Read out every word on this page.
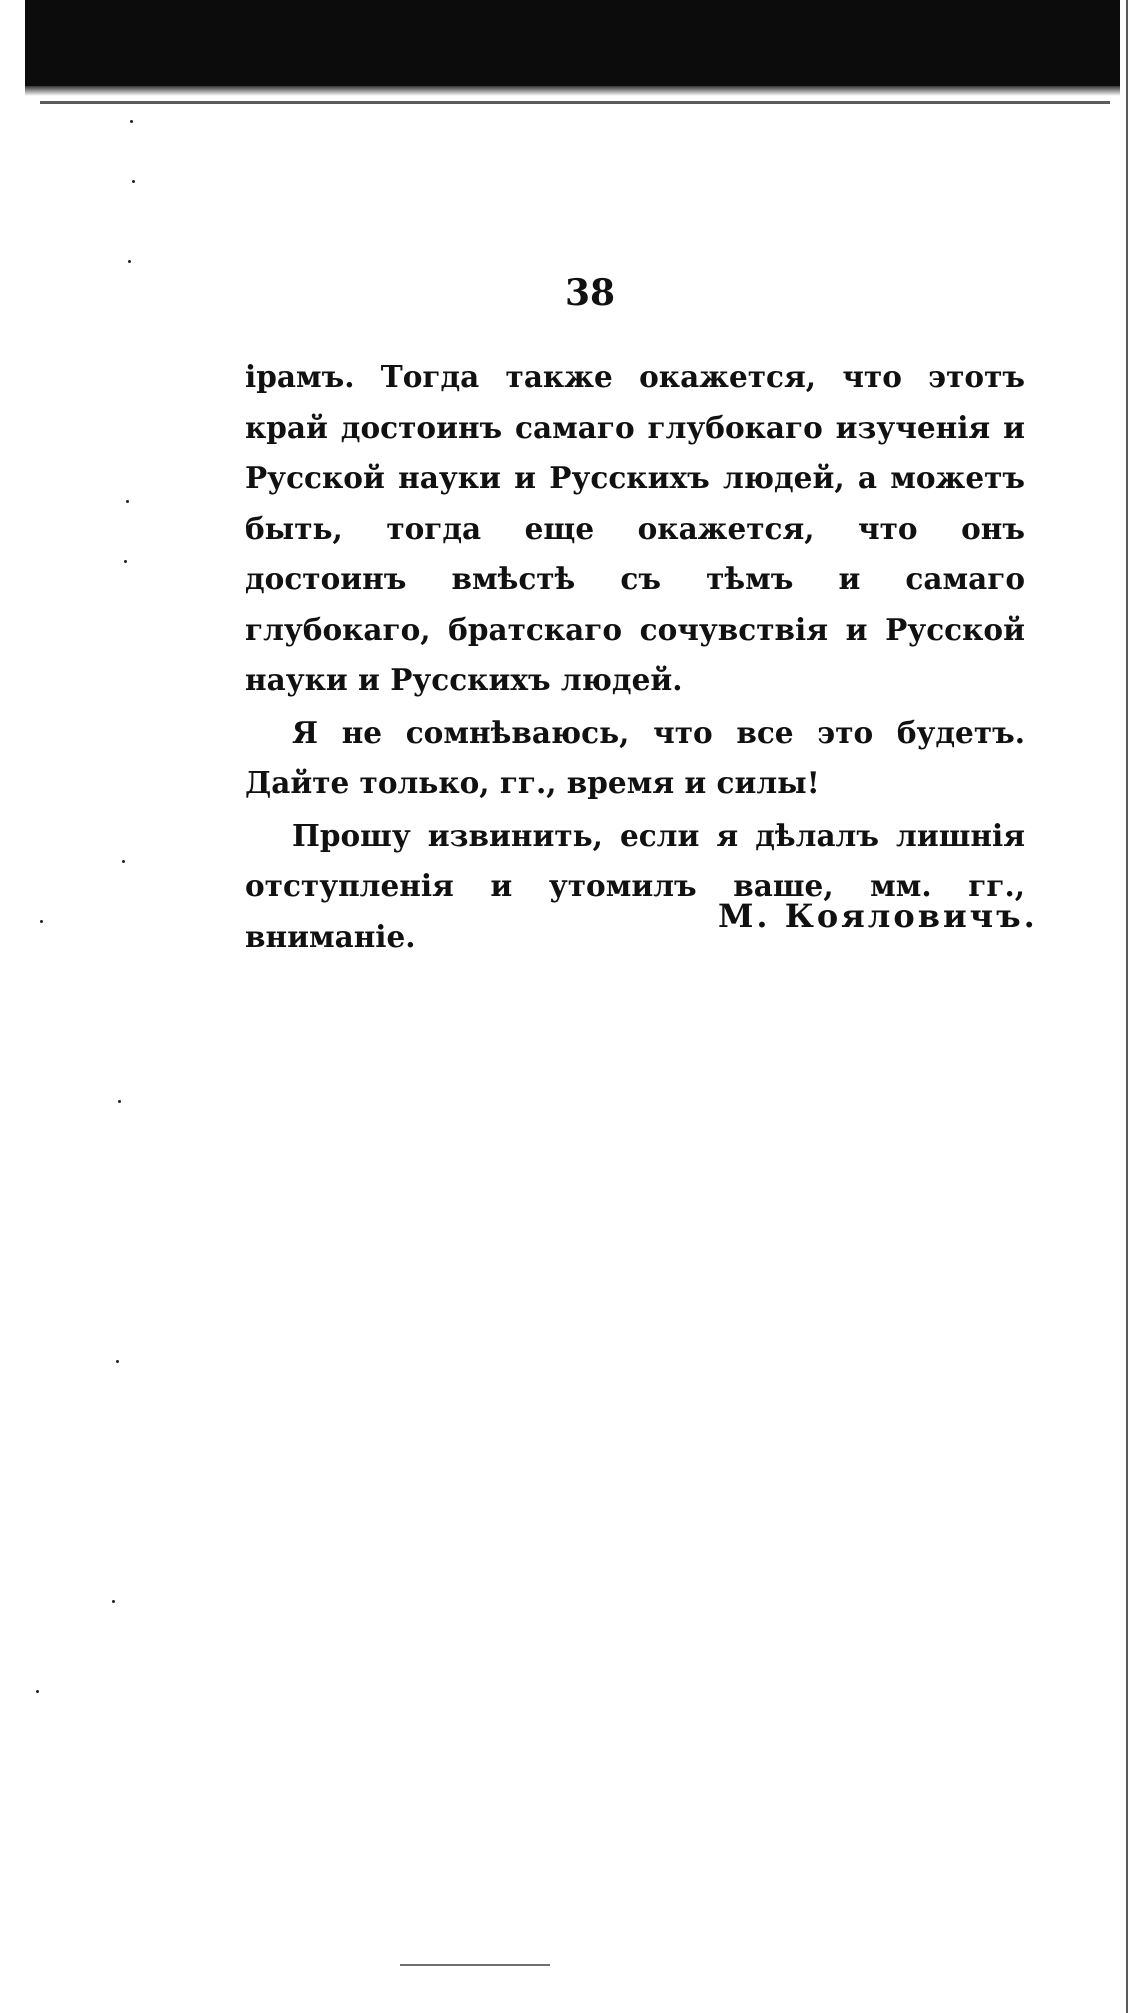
38

ірамъ. Тогда также окажется, что этотъ край достоинъ самаго глубокаго изученія и Русской науки и Русскихъ людей, а можетъ быть, тогда еще окажется, что онъ достоинъ вмѣстѣ съ тѣмъ и самаго глубокаго, братскаго сочувствія и Русской науки и Русскихъ людей.

Я не сомнѣваюсь, что все это будетъ. Дайте только, гг., время и силы!

Прошу извинить, если я дѣлалъ лишнія отступленія и утомилъ ваше, мм. гг., вниманіе.

М. Кояловичъ.
